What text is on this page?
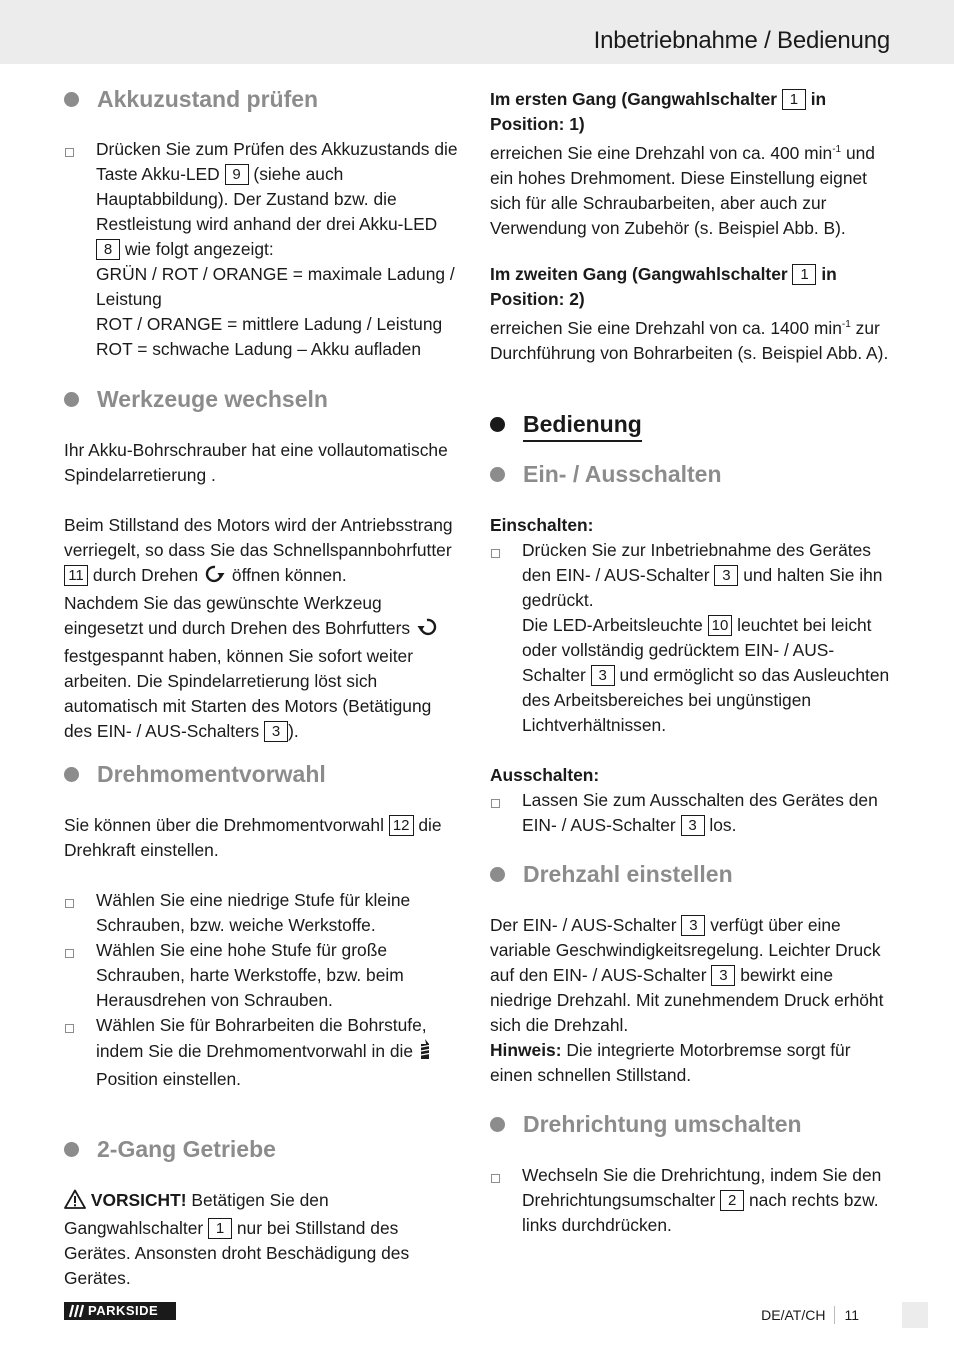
Inbetriebnahme / Bedienung
Akkuzustand prüfen
Drücken Sie zum Prüfen des Akkuzustands die Taste Akku-LED 9 (siehe auch Hauptabbildung). Der Zustand bzw. die Restleistung wird anhand der drei Akku-LED 8 wie folgt angezeigt:
GRÜN / ROT / ORANGE = maximale Ladung / Leistung
ROT / ORANGE = mittlere Ladung / Leistung
ROT = schwache Ladung – Akku aufladen
Werkzeuge wechseln

Ihr Akku-Bohrschrauber hat eine vollautomatische Spindelarretierung .

Beim Stillstand des Motors wird der Antriebsstrang verriegelt, so dass Sie das Schnellspannbohrfutter 11 durch Drehen öffnen können.
Nachdem Sie das gewünschte Werkzeug eingesetzt und durch Drehen des Bohrfutters  festgespannt haben, können Sie sofort weiter arbeiten. Die Spindelarretierung löst sich automatisch mit Starten des Motors (Betätigung des EIN- / AUS-Schalters 3 ).

Drehmomentvorwahl

Sie können über die Drehmomentvorwahl 12 die Drehkraft einstellen.

Wählen Sie eine niedrige Stufe für kleine Schrauben, bzw. weiche Werkstoffe.
Wählen Sie eine hohe Stufe für große Schrauben, harte Werkstoffe, bzw. beim Herausdrehen von Schrauben.
Wählen Sie für Bohrarbeiten die Bohrstufe, indem Sie die Drehmomentvorwahl in die  Position einstellen.
2-Gang Getriebe

VORSICHT! Betätigen Sie den Gangwahlschalter 1 nur bei Stillstand des Gerätes. Ansonsten droht Beschädigung des Gerätes.

Im ersten Gang (Gangwahlschalter 1 in Position: 1)

erreichen Sie eine Drehzahl von ca. 400 $\min^{-1}$ und ein hohes Drehmoment. Diese Einstellung eignet sich für alle Schraubarbeiten, aber auch zur Verwendung von Zubehör (s. Beispiel Abb. B).

Im zweiten Gang (Gangwahlschalter 1 in Position: 2)

erreichen Sie eine Drehzahl von ca. 1400 $\min^{-1}$ zur Durchführung von Bohrarbeiten (s. Beispiel Abb. A).

Bedienung
Ein- / Ausschalten

Einschalten:

Drücken Sie zur Inbetriebnahme des Gerätes den EIN- / AUS-Schalter 3 und halten Sie ihn gedrückt.
Die LED-Arbeitsleuchte 10 leuchtet bei leicht oder vollständig gedrücktem EIN- / AUS-Schalter 3 und ermöglicht so das Ausleuchten des Arbeitsbereiches bei ungünstigen Lichtverhältnissen.

Ausschalten:

Lassen Sie zum Ausschalten des Gerätes den EIN- / AUS-Schalter 3 los.
Drehzahl einstellen

Der EIN- / AUS-Schalter 3 verfügt über eine variable Geschwindigkeitsregelung. Leichter Druck auf den EIN- / AUS-Schalter 3 bewirkt eine niedrige Drehzahl. Mit zunehmendem Druck erhöht sich die Drehzahl.
Hinweis: Die integrierte Motorbremse sorgt für einen schnellen Stillstand.

Drehrichtung umschalten
Wechseln Sie die Drehrichtung, indem Sie den Drehrichtungsumschalter 2 nach rechts bzw. links durchdrücken.
PARKSIDE	DE/AT/CH 11
